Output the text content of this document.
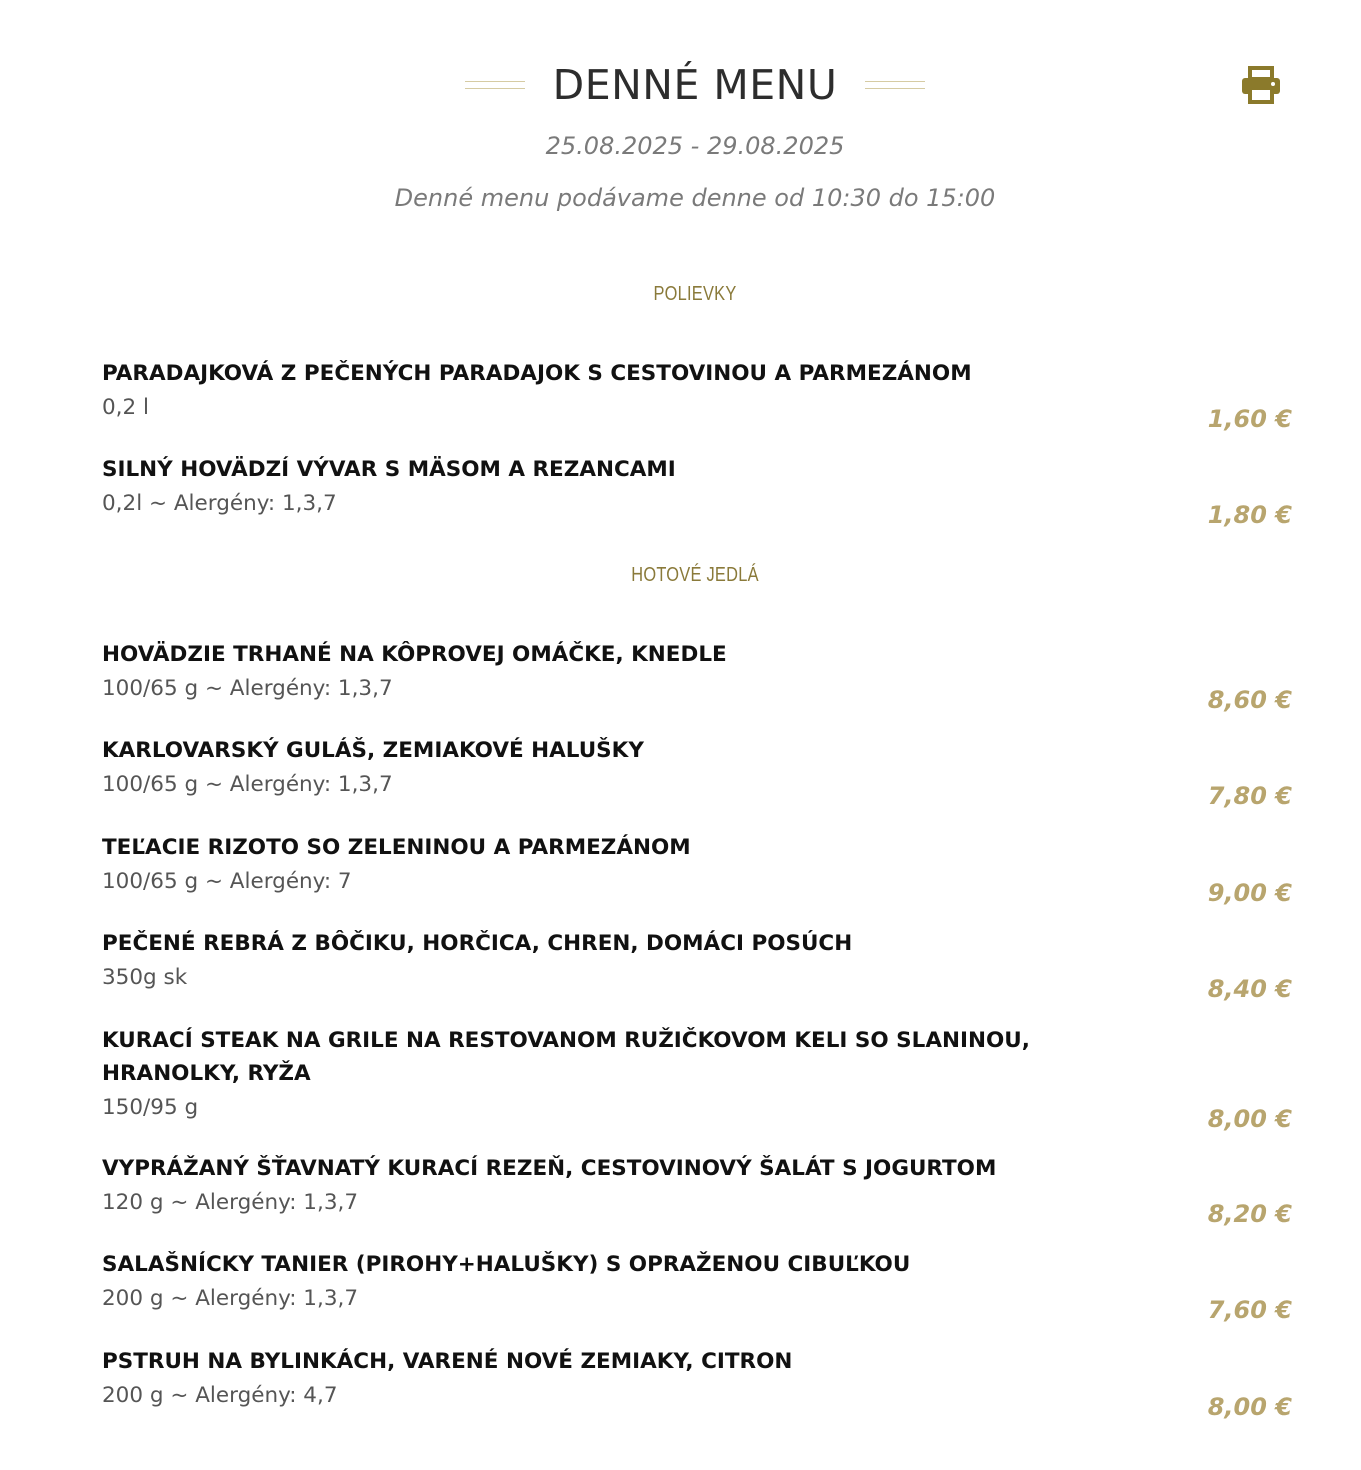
DENNÉ MENU
25.08.2025 - 29.08.2025
Denné menu podávame denne od 10:30 do 15:00
POLIEVKY
PARADAJKOVÁ Z PEČENÝCH PARADAJOK S CESTOVINOU A PARMEZÁNOM
0,2 l	1,60 €
SILNÝ HOVÄDZÍ VÝVAR S MÄSOM A REZANCAMI
0,2l ~ Alergény: 1,3,7	1,80 €
HOTOVÉ JEDLÁ
HOVÄDZIE TRHANÉ NA KÔPROVEJ OMÁČKE, KNEDLE
100/65 g ~ Alergény: 1,3,7	8,60 €
KARLOVARSKÝ GULÁŠ, ZEMIAKOVÉ HALUŠKY
100/65 g ~ Alergény: 1,3,7	7,80 €
TEĽACIE RIZOTO SO ZELENINOU A PARMEZÁNOM
100/65 g ~ Alergény: 7	9,00 €
PEČENÉ REBRÁ Z BÔČIKU, HORČICA, CHREN, DOMÁCI POSÚCH
350g sk	8,40 €
KURACÍ STEAK NA GRILE NA RESTOVANOM RUŽIČKOVOM KELI SO SLANINOU, HRANOLKY, RYŽA
150/95 g	8,00 €
VYPRÁŽANÝ ŠŤAVNATÝ KURACÍ REZEŇ, CESTOVINOVÝ ŠALÁT S JOGURTOM
120 g ~ Alergény: 1,3,7	8,20 €
SALAŠNÍCKY TANIER (PIROHY+HALUŠKY) S OPRAŽENOU CIBUĽKOU
200 g ~ Alergény: 1,3,7	7,60 €
PSTRUH NA BYLINKÁCH, VARENÉ NOVÉ ZEMIAKY, CITRON
200 g ~ Alergény: 4,7	8,00 €
